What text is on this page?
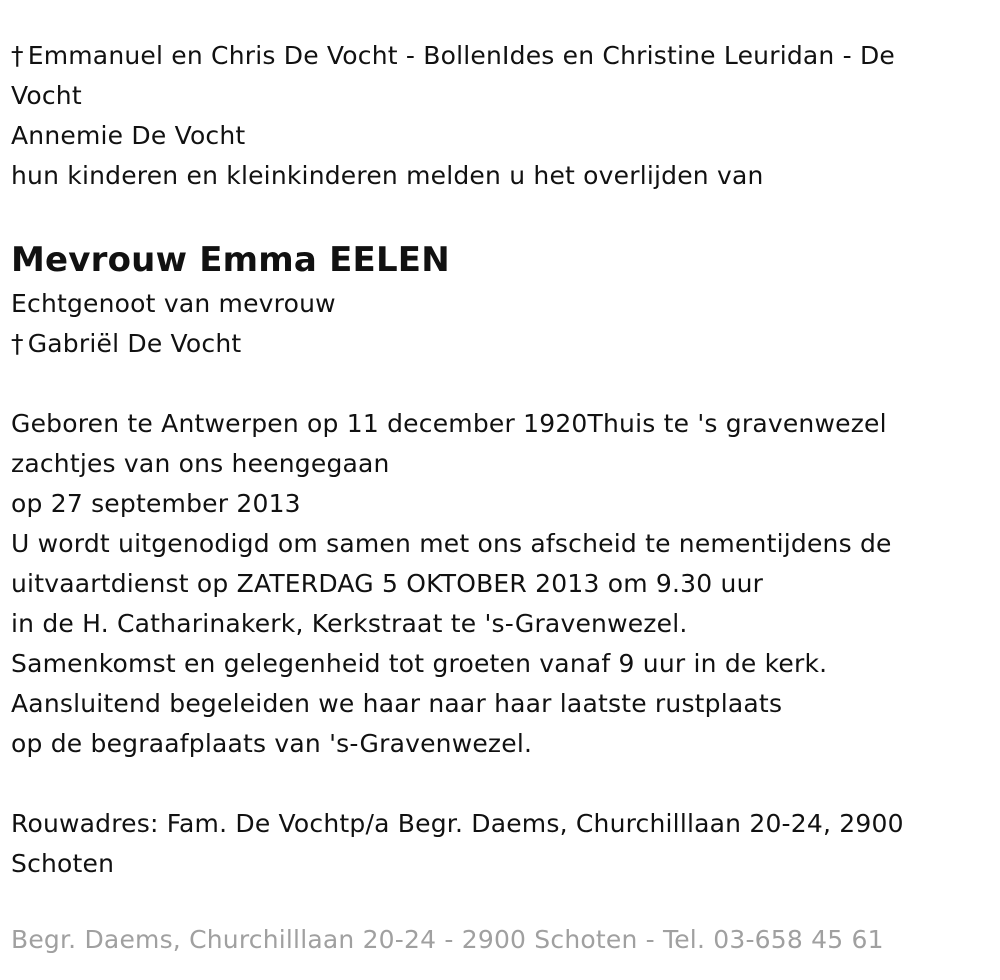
† Emmanuel en Chris De Vocht - BollenIdes en Christine Leuridan - De Vocht
Annemie De Vocht
hun kinderen en kleinkinderen melden u het overlijden van
Mevrouw Emma EELEN
Echtgenoot van mevrouw
† Gabriël De Vocht
Geboren te Antwerpen op 11 december 1920Thuis te 's gravenwezel zachtjes van ons heengegaan
op 27 september 2013
U wordt uitgenodigd om samen met ons afscheid te nementijdens de uitvaartdienst op ZATERDAG 5 OKTOBER 2013 om 9.30 uur
in de H. Catharinakerk, Kerkstraat te 's-Gravenwezel.
Samenkomst en gelegenheid tot groeten vanaf 9 uur in de kerk.
Aansluitend begeleiden we haar naar haar laatste rustplaats
op de begraafplaats van 's-Gravenwezel.
Rouwadres: Fam. De Vochtp/a Begr. Daems, Churchilllaan 20-24, 2900 Schoten
Begr. Daems, Churchilllaan 20-24 - 2900 Schoten - Tel. 03-658 45 61
